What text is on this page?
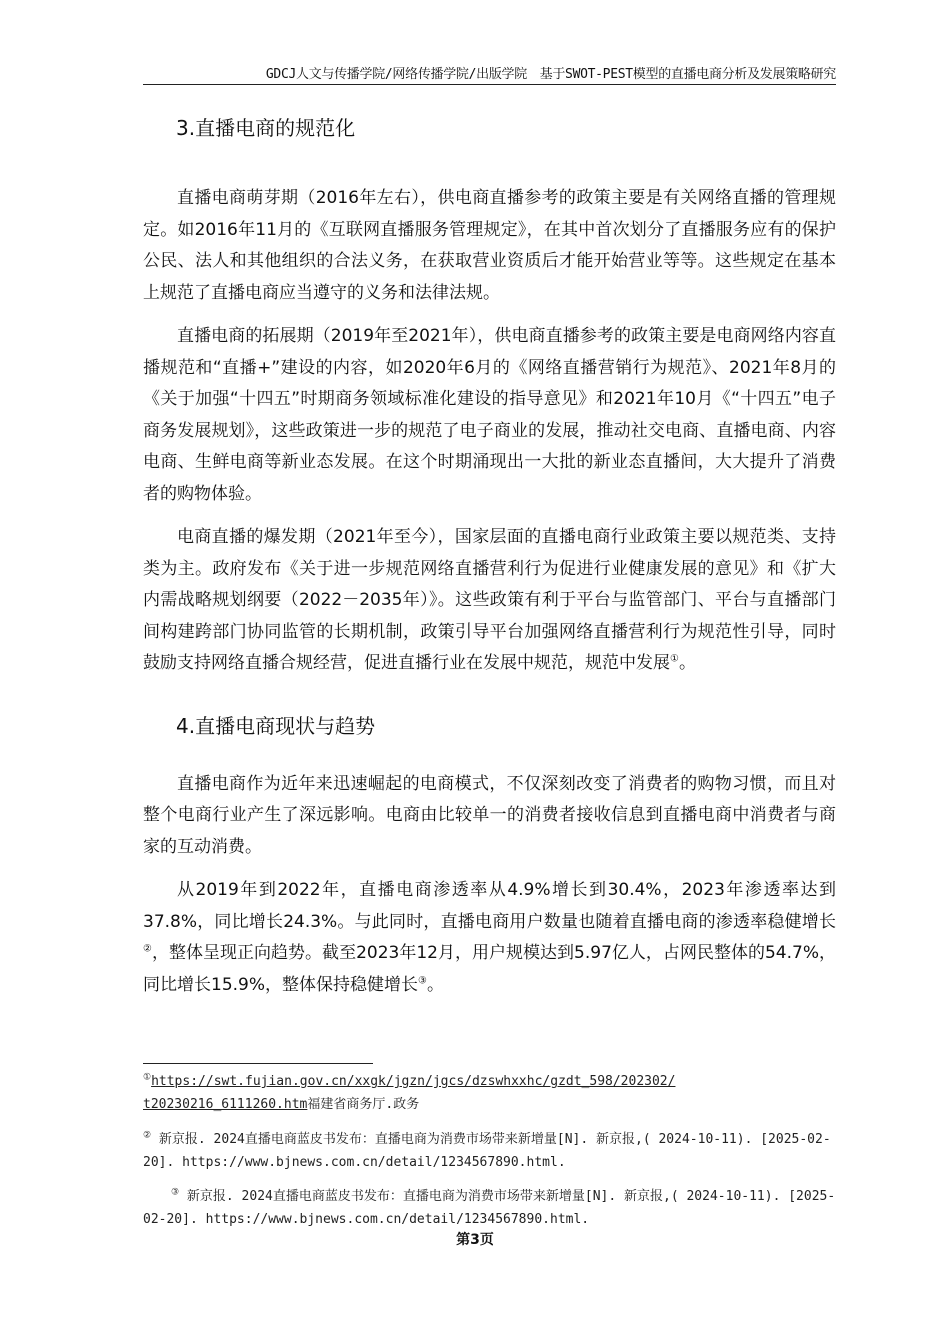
GDCJ人文与传播学院/网络传播学院/出版学院　基于SWOT-PEST模型的直播电商分析及发展策略研究
3.直播电商的规范化

直播电商萌芽期（2016年左右），供电商直播参考的政策主要是有关网络直播的管理规定。如2016年11月的《互联网直播服务管理规定》，在其中首次划分了直播服务应有的保护公民、法人和其他组织的合法义务，在获取营业资质后才能开始营业等等。这些规定在基本上规范了直播电商应当遵守的义务和法律法规。

直播电商的拓展期（2019年至2021年），供电商直播参考的政策主要是电商网络内容直播规范和“直播+”建设的内容，如2020年6月的《网络直播营销行为规范》、2021年8月的《关于加强“十四五”时期商务领域标准化建设的指导意见》和2021年10月《“十四五”电子商务发展规划》，这些政策进一步的规范了电子商业的发展，推动社交电商、直播电商、内容电商、生鲜电商等新业态发展。在这个时期涌现出一大批的新业态直播间，大大提升了消费者的购物体验。

电商直播的爆发期（2021年至今），国家层面的直播电商行业政策主要以规范类、支持类为主。政府发布《关于进一步规范网络直播营利行为促进行业健康发展的意见》和《扩大内需战略规划纲要（2022－2035年）》。这些政策有利于平台与监管部门、平台与直播部门间构建跨部门协同监管的长期机制，政策引导平台加强网络直播营利行为规范性引导，同时鼓励支持网络直播合规经营，促进直播行业在发展中规范，规范中发展①。

4.直播电商现状与趋势

直播电商作为近年来迅速崛起的电商模式，不仅深刻改变了消费者的购物习惯，而且对整个电商行业产生了深远影响。电商由比较单一的消费者接收信息到直播电商中消费者与商家的互动消费。

从2019年到2022年，直播电商渗透率从4.9%增长到30.4%，2023年渗透率达到37.8%，同比增长24.3%。与此同时，直播电商用户数量也随着直播电商的渗透率稳健增长②，整体呈现正向趋势。截至2023年12月，用户规模达到5.97亿人，占网民整体的54.7%，同比增长15.9%，整体保持稳健增长③。

①https://swt.fujian.gov.cn/xxgk/jgzn/jgcs/dzswhxxhc/gzdt_598/202302/
t20230216_6111260.htm福建省商务厅.政务
② 新京报. 2024直播电商蓝皮书发布：直播电商为消费市场带来新增量[N]. 新京报,( 2024-10-11). [2025-02-20]. https://www.bjnews.com.cn/detail/1234567890.html.
③ 新京报. 2024直播电商蓝皮书发布：直播电商为消费市场带来新增量[N]. 新京报,( 2024-10-11). [2025-02-20]. https://www.bjnews.com.cn/detail/1234567890.html.
第3页
